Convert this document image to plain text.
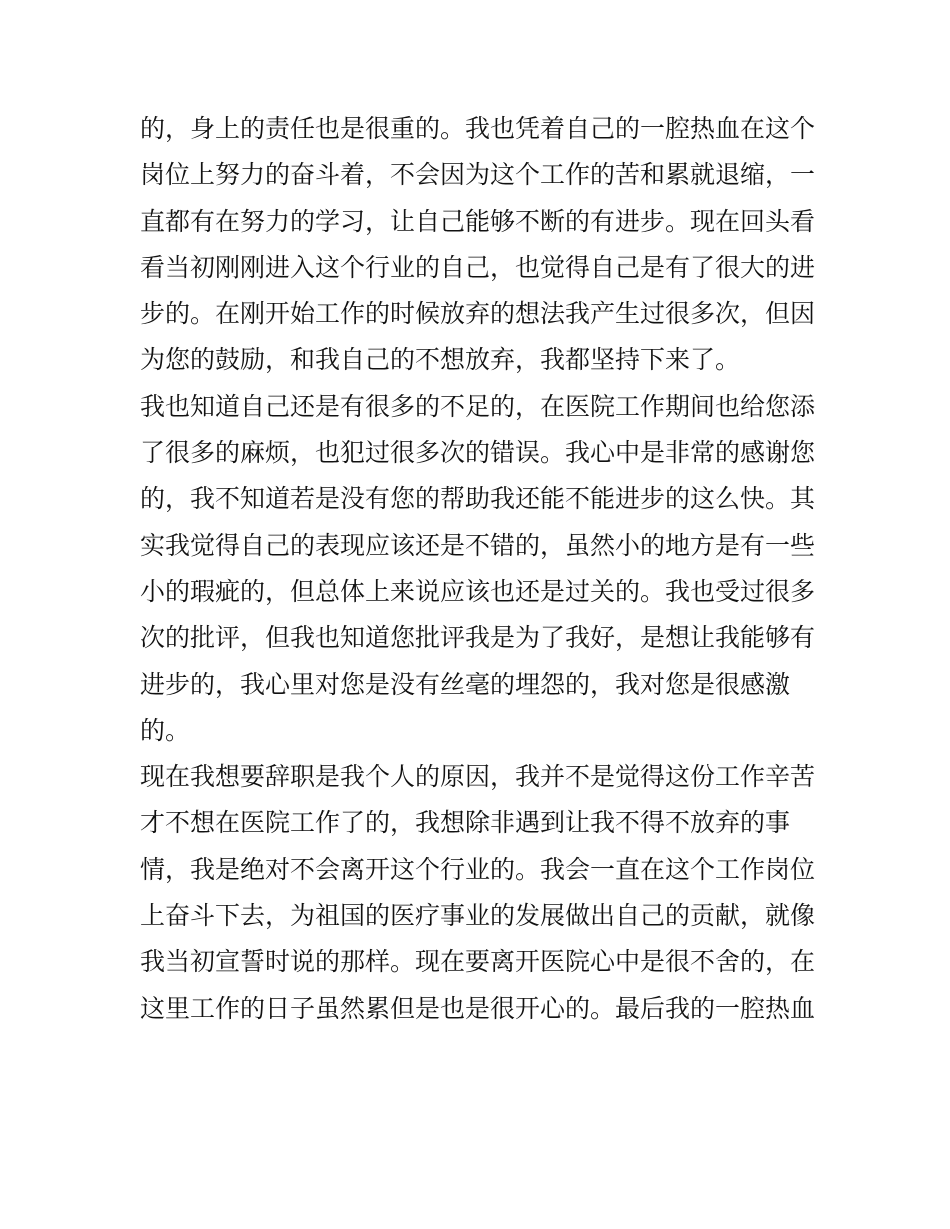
的，身上的责任也是很重的。我也凭着自己的一腔热血在这个
岗位上努力的奋斗着，不会因为这个工作的苦和累就退缩，一
直都有在努力的学习，让自己能够不断的有进步。现在回头看
看当初刚刚进入这个行业的自己，也觉得自己是有了很大的进
步的。在刚开始工作的时候放弃的想法我产生过很多次，但因
为您的鼓励，和我自己的不想放弃，我都坚持下来了。
我也知道自己还是有很多的不足的，在医院工作期间也给您添
了很多的麻烦，也犯过很多次的错误。我心中是非常的感谢您
的，我不知道若是没有您的帮助我还能不能进步的这么快。其
实我觉得自己的表现应该还是不错的，虽然小的地方是有一些
小的瑕疵的，但总体上来说应该也还是过关的。我也受过很多
次的批评，但我也知道您批评我是为了我好，是想让我能够有
进步的，我心里对您是没有丝毫的埋怨的，我对您是很感激
的。
现在我想要辞职是我个人的原因，我并不是觉得这份工作辛苦
才不想在医院工作了的，我想除非遇到让我不得不放弃的事
情，我是绝对不会离开这个行业的。我会一直在这个工作岗位
上奋斗下去，为祖国的医疗事业的发展做出自己的贡献，就像
我当初宣誓时说的那样。现在要离开医院心中是很不舍的，在
这里工作的日子虽然累但是也是很开心的。最后我的一腔热血
